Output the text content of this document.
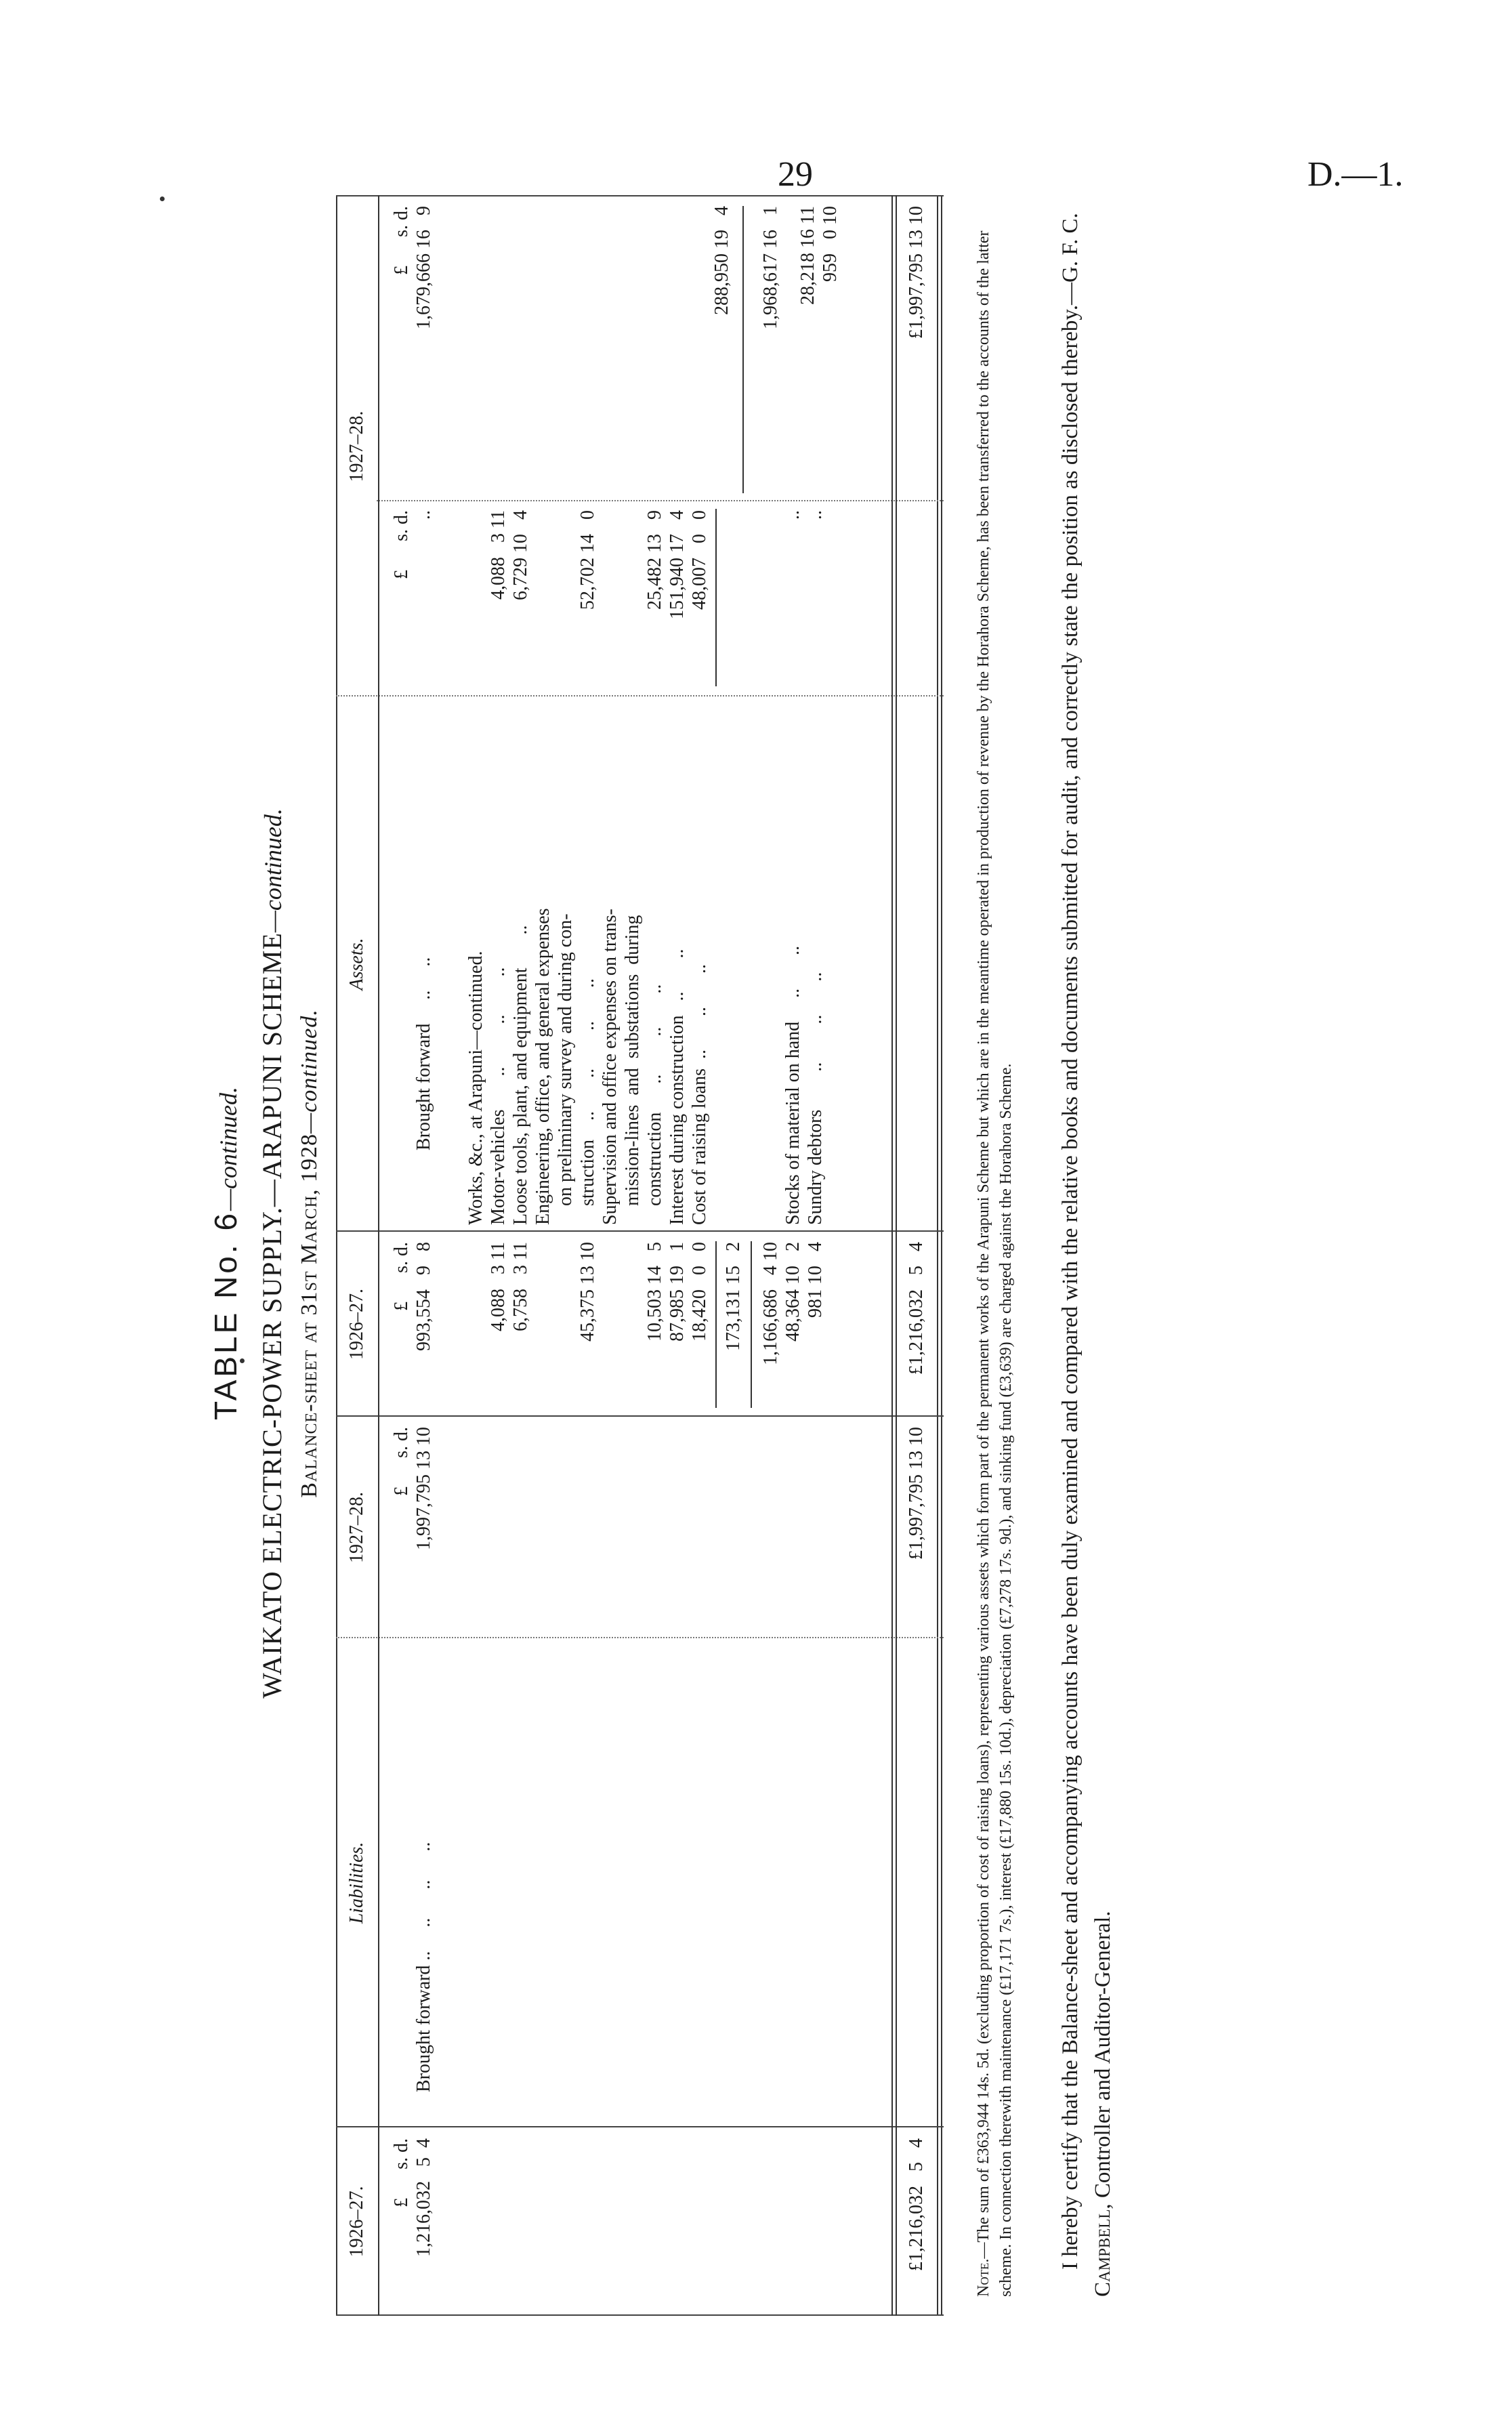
29	D.—1.
TABLE No. 6—continued. WAIKATO ELECTRIC-POWER SUPPLY.—ARAPUNI SCHEME—continued.
Balance-sheet at 31st March, 1928—continued.
1926–27.
Liabilities.
1927–28.
1926–27.
Assets.
1927–28.
£      s. d.
£      s. d.
£      s. d.
£      s. d.
£      s. d.
1,216,032   5  4
Brought forward ..     ..      ..      ..
1,997,795 13 10
993,554   9   8
Brought forward     ..     ..
..
1,679,666 16   9
Works, &c., at Arapuni—continued.
4,088   3 11
Motor-vehicles       ..         ..        ..
4,088   3 11
6,758   3 11
Loose tools, plant, and equipment       ..
6,729 10   4
Engineering, office, and general expenses on preliminary survey and during con-
45,375 13 10
struction    ..       ..        ..       ..
52,702 14   0
Supervision and office expenses on trans- mission-lines  and  substations  during
10,503 14   5
construction      ..        ..       ..
25,482 13   9
87,985 19   1
Interest during construction   ..       ..
151,940 17   4
18,420   0   0
Cost of raising loans  ..       ..       ..
48,007   0   0
173,131 15   2
288,950 19   4
1,166,686   4 10
1,968,617 16   1
48,364 10   2
Stocks of material on hand     ..       ..
..
28,218 16 11
981 10   4
Sundry debtors        ..        ..       ..
..
959   0 10
£1,216,032   5   4
£1,997,795 13 10
£1,216,032   5   4
£1,997,795 13 10
Note.—The sum of £363,944 14s. 5d. (excluding proportion of cost of raising loans), representing various assets which form part of the permanent works of the Arapuni Scheme but which are in the meantime operated in production of revenue by the Horahora Scheme, has been transferred to the accounts of the latter scheme. In connection therewith maintenance (£17,171 7s.), interest (£17,880 15s. 10d.), depreciation (£7,278 17s. 9d.), and sinking fund (£3,639) are charged against the Horahora Scheme. I hereby certify that the Balance-sheet and accompanying accounts have been duly examined and compared with the relative books and documents submitted for audit, and correctly state the position as disclosed thereby.—G. F. C. Campbell, Controller and Auditor-General.
